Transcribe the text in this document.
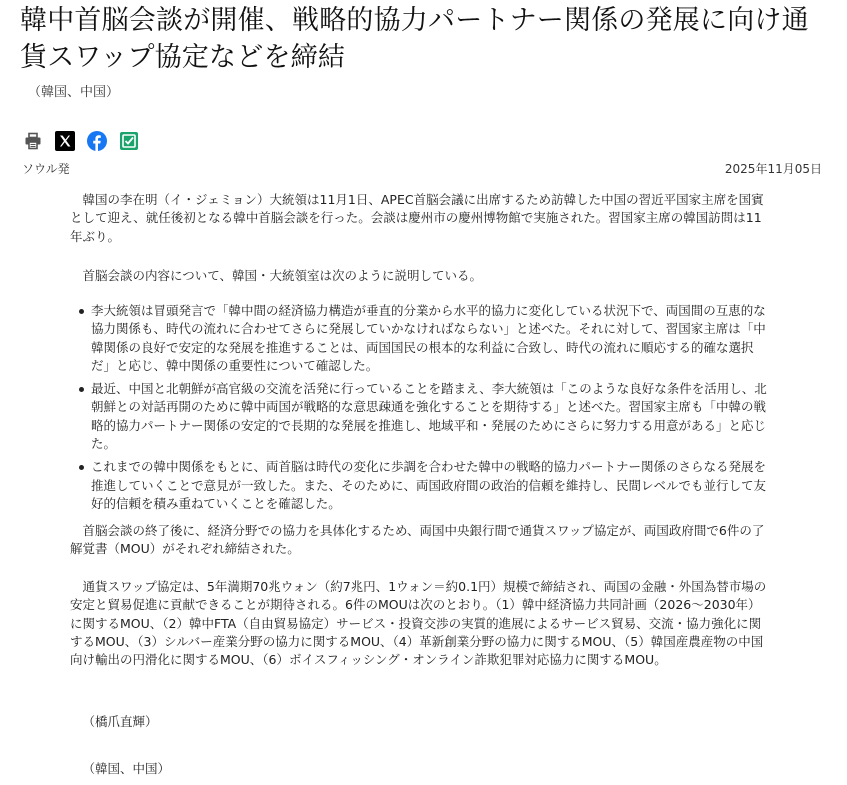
韓中首脳会談が開催、戦略的協力パートナー関係の発展に向け通貨スワップ協定などを締結
（韓国、中国）
ソウル発	2025年11月05日

韓国の李在明（イ・ジェミョン）大統領は11月1日、APEC首脳会議に出席するため訪韓した中国の習近平国家主席を国賓として迎え、就任後初となる韓中首脳会談を行った。会談は慶州市の慶州博物館で実施された。習国家主席の韓国訪問は11年ぶり。

首脳会談の内容について、韓国・大統領室は次のように説明している。

李大統領は冒頭発言で「韓中間の経済協力構造が垂直的分業から水平的協力に変化している状況下で、両国間の互恵的な協力関係も、時代の流れに合わせてさらに発展していかなければならない」と述べた。それに対して、習国家主席は「中韓関係の良好で安定的な発展を推進することは、両国国民の根本的な利益に合致し、時代の流れに順応する的確な選択だ」と応じ、韓中関係の重要性について確認した。
最近、中国と北朝鮮が高官級の交流を活発に行っていることを踏まえ、李大統領は「このような良好な条件を活用し、北朝鮮との対話再開のために韓中両国が戦略的な意思疎通を強化することを期待する」と述べた。習国家主席も「中韓の戦略的協力パートナー関係の安定的で長期的な発展を推進し、地域平和・発展のためにさらに努力する用意がある」と応じた。
これまでの韓中関係をもとに、両首脳は時代の変化に歩調を合わせた韓中の戦略的協力パートナー関係のさらなる発展を推進していくことで意見が一致した。また、そのために、両国政府間の政治的信頼を維持し、民間レベルでも並行して友好的信頼を積み重ねていくことを確認した。

首脳会談の終了後に、経済分野での協力を具体化するため、両国中央銀行間で通貨スワップ協定が、両国政府間で6件の了解覚書（MOU）がそれぞれ締結された。

通貨スワップ協定は、5年満期70兆ウォン（約7兆円、1ウォン＝約0.1円）規模で締結され、両国の金融・外国為替市場の安定と貿易促進に貢献できることが期待される。6件のMOUは次のとおり。（1）韓中経済協力共同計画（2026～2030年）に関するMOU、（2）韓中FTA（自由貿易協定）サービス・投資交渉の実質的進展によるサービス貿易、交流・協力強化に関するMOU、（3）シルバー産業分野の協力に関するMOU、（4）革新創業分野の協力に関するMOU、（5）韓国産農産物の中国向け輸出の円滑化に関するMOU、（6）ボイスフィッシング・オンライン詐欺犯罪対応協力に関するMOU。

（橋爪直輝）

（韓国、中国）
